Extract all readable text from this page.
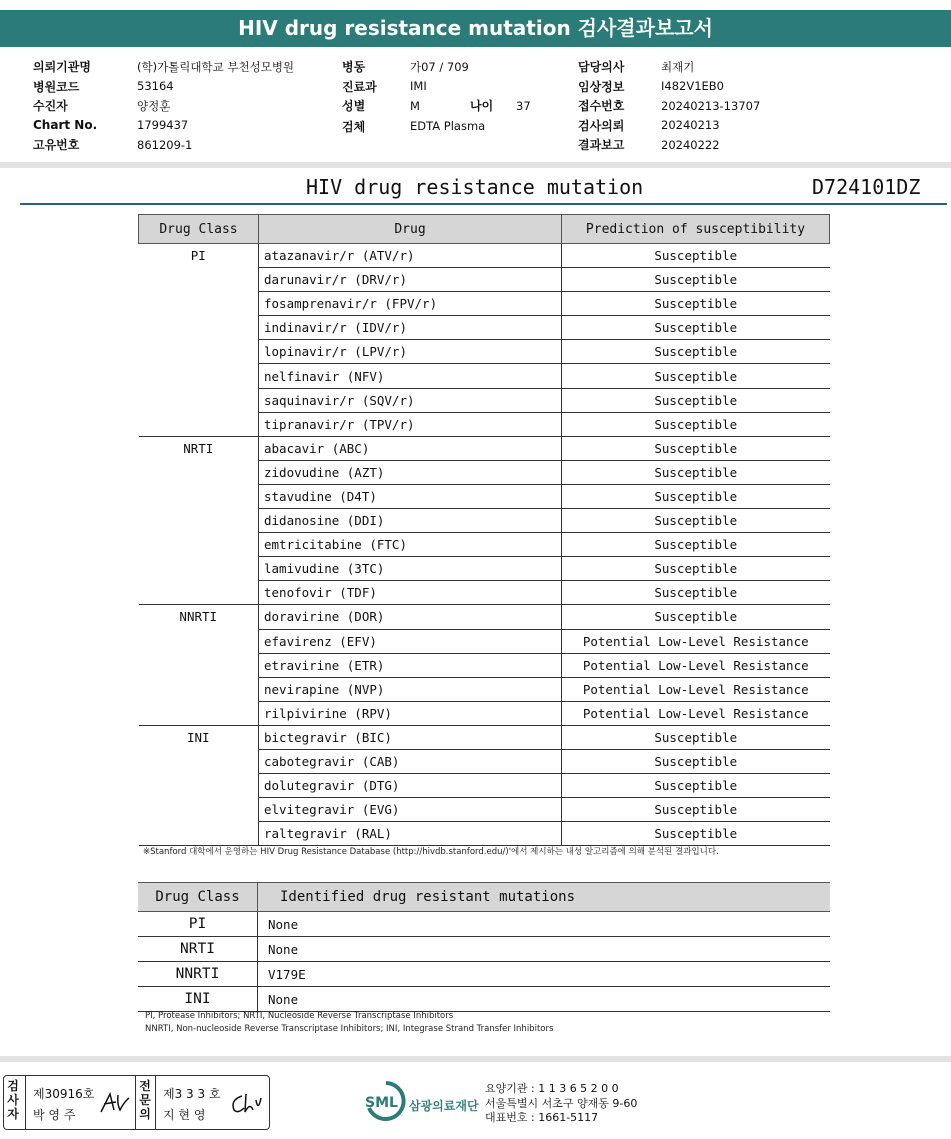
HIV drug resistance mutation 검사결과보고서
의뢰기관명	(학)가톨릭대학교 부천성모병원
병원코드	53164
수진자	양정훈
Chart No.	1799437
고유번호	861209-1
병동	가07 / 709
진료과	IMI
성별	M	나이	37
검체	EDTA Plasma
담당의사	최재기
임상정보	I482V1EB0
접수번호	20240213-13707
검사의뢰	20240213
결과보고	20240222
HIV drug resistance mutation	D724101DZ
Drug Class	Drug	Prediction of susceptibility
PI	atazanavir/r (ATV/r)	Susceptible
	darunavir/r (DRV/r)	Susceptible
	fosamprenavir/r (FPV/r)	Susceptible
	indinavir/r (IDV/r)	Susceptible
	lopinavir/r (LPV/r)	Susceptible
	nelfinavir (NFV)	Susceptible
	saquinavir/r (SQV/r)	Susceptible
	tipranavir/r (TPV/r)	Susceptible
NRTI	abacavir (ABC)	Susceptible
	zidovudine (AZT)	Susceptible
	stavudine (D4T)	Susceptible
	didanosine (DDI)	Susceptible
	emtricitabine (FTC)	Susceptible
	lamivudine (3TC)	Susceptible
	tenofovir (TDF)	Susceptible
NNRTI	doravirine (DOR)	Susceptible
	efavirenz (EFV)	Potential Low-Level Resistance
	etravirine (ETR)	Potential Low-Level Resistance
	nevirapine (NVP)	Potential Low-Level Resistance
	rilpivirine (RPV)	Potential Low-Level Resistance
INI	bictegravir (BIC)	Susceptible
	cabotegravir (CAB)	Susceptible
	dolutegravir (DTG)	Susceptible
	elvitegravir (EVG)	Susceptible
	raltegravir (RAL)	Susceptible
※Stanford 대학에서 운영하는 HIV Drug Resistance Database (http://hivdb.stanford.edu/)'에서 제시하는 내성 알고리즘에 의해 분석된 결과입니다.
Drug Class	Identified drug resistant mutations
PI	None
NRTI	None
NNRTI	V179E
INI	None
PI, Protease Inhibitors; NRTI, Nucleoside Reverse Transcriptase Inhibitors
NNRTI, Non-nucleoside Reverse Transcriptase Inhibitors; INI, Integrase Strand Transfer Inhibitors
검
사
자
제30916호
박 영 주
전
문
의
제3 3 3 호
지 현 영
SML 삼광의료재단
요양기관 : 1 1 3 6 5 2 0 0
서울특별시 서초구 양재동 9-60
대표번호 : 1661-5117
